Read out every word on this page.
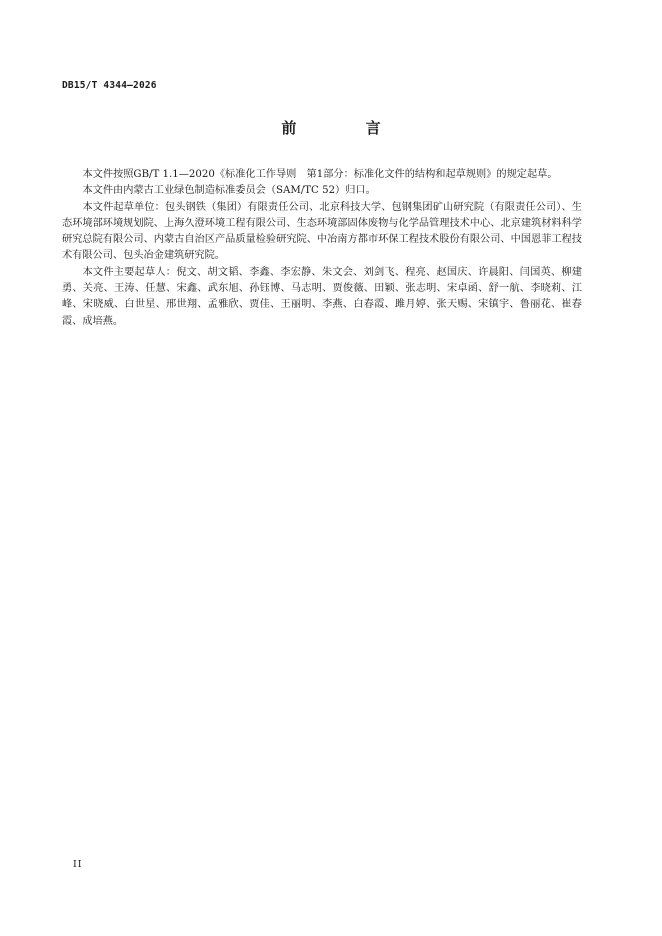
DB15/T 4344—2026
前 言

本文件按照GB/T 1.1—2020《标准化工作导则　第1部分：标准化文件的结构和起草规则》的规定起草。

本文件由内蒙古工业绿色制造标准委员会（SAM/TC 52）归口。

本文件起草单位：包头钢铁（集团）有限责任公司、北京科技大学、包钢集团矿山研究院（有限责任公司）、生态环境部环境规划院、上海久澄环境工程有限公司、生态环境部固体废物与化学品管理技术中心、北京建筑材料科学研究总院有限公司、内蒙古自治区产品质量检验研究院、中冶南方都市环保工程技术股份有限公司、中国恩菲工程技术有限公司、包头冶金建筑研究院。

本文件主要起草人：倪文、胡文韬、李鑫、李宏静、朱文会、刘剑飞、程亮、赵国庆、许晨阳、闫国英、柳建勇、关亮、王涛、任慧、宋鑫、武东旭、孙钰博、马志明、贾俊薇、田颖、张志明、宋卓函、舒一航、李晓莉、江峰、宋晓威、白世星、邢世翔、孟雅欣、贾佳、王丽明、李燕、白春霞、雎月婷、张天赐、宋镇宇、鲁丽花、崔春霞、成培燕。

II
